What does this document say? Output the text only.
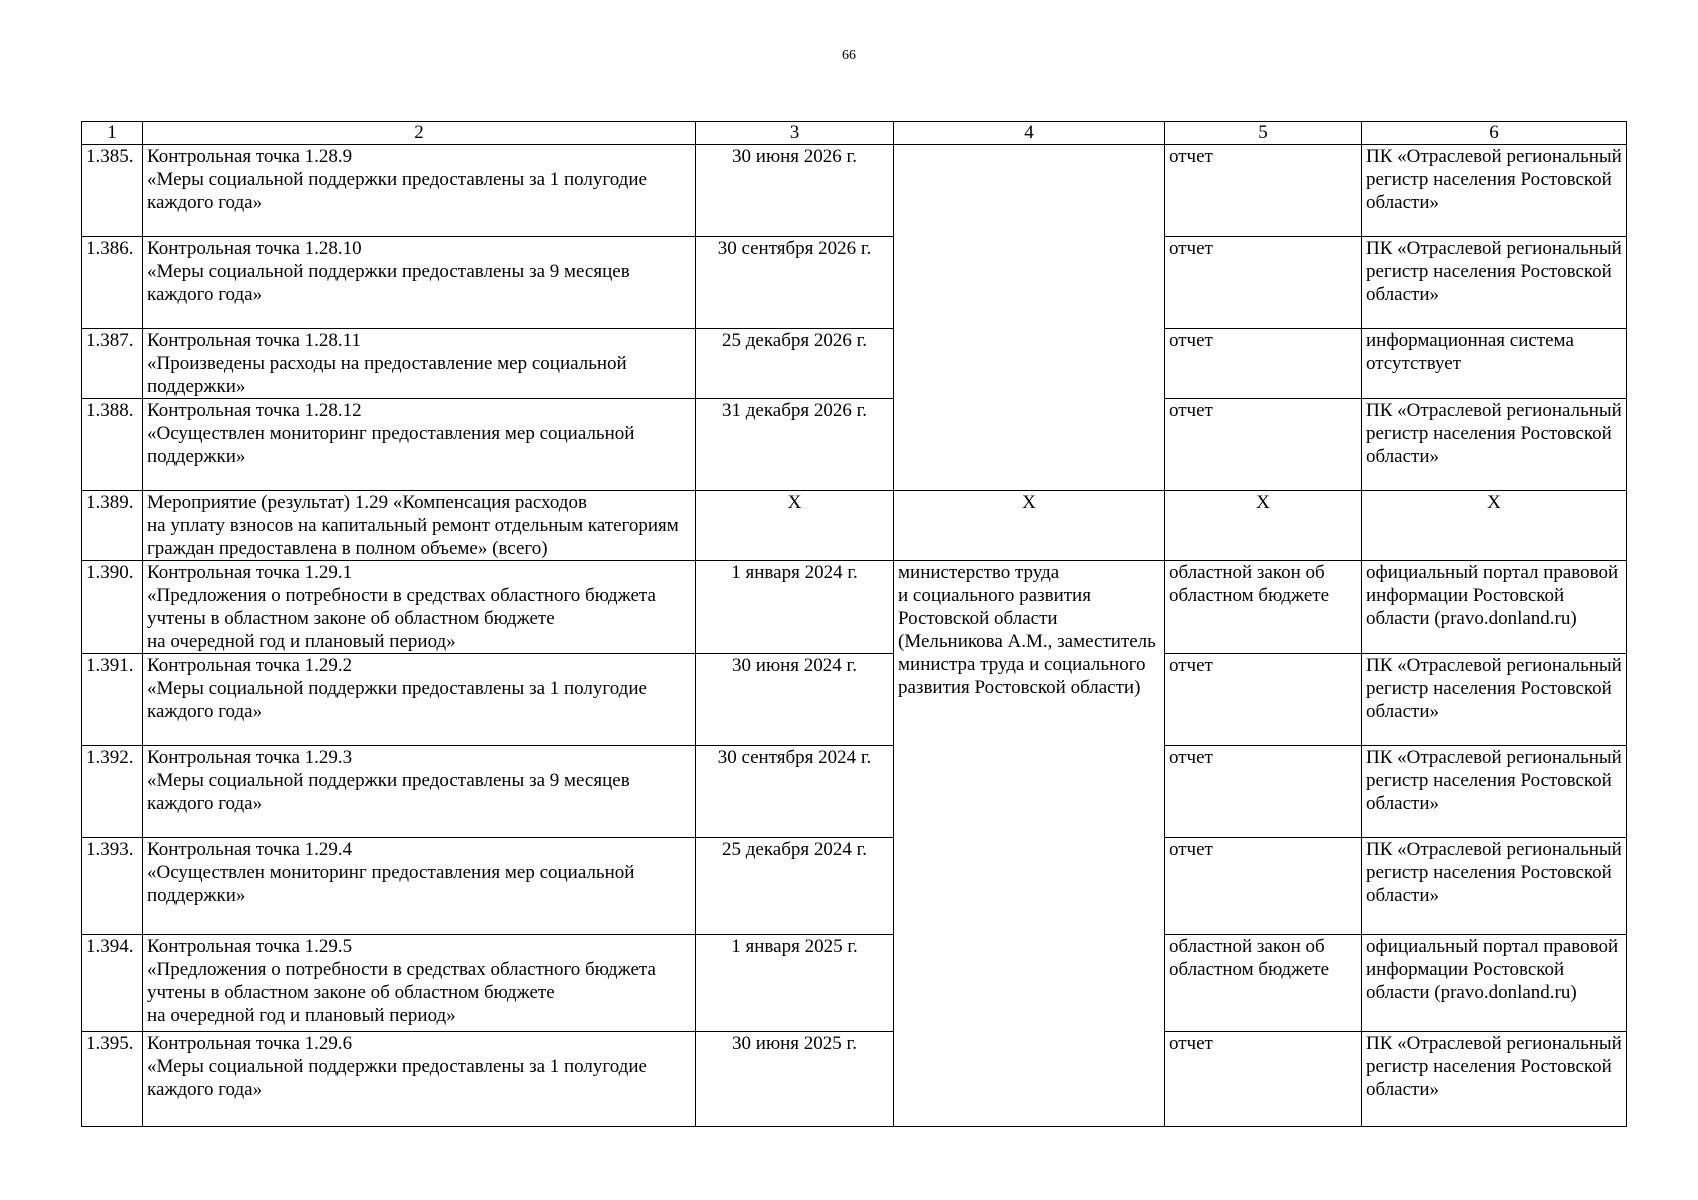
66
1	2	3	4	5	6
1.385.	Контрольная точка 1.28.9
«Меры социальной поддержки предоставлены за 1 полугодие каждого года»	30 июня 2026 г.		отчет	ПК «Отраслевой региональный регистр населения Ростовской области»
1.386.	Контрольная точка 1.28.10
«Меры социальной поддержки предоставлены за 9 месяцев каждого года»	30 сентября 2026 г.		отчет	ПК «Отраслевой региональный регистр населения Ростовской области»
1.387.	Контрольная точка 1.28.11
«Произведены расходы на предоставление мер социальной поддержки»	25 декабря 2026 г.		отчет	информационная система отсутствует
1.388.	Контрольная точка 1.28.12
«Осуществлен мониторинг предоставления мер социальной поддержки»	31 декабря 2026 г.		отчет	ПК «Отраслевой региональный регистр населения Ростовской области»
1.389.	Мероприятие (результат) 1.29 «Компенсация расходов
на уплату взносов на капитальный ремонт отдельным категориям граждан предоставлена в полном объеме» (всего)	X	X	X	X
1.390.	Контрольная точка 1.29.1
«Предложения о потребности в средствах областного бюджета учтены в областном законе об областном бюджете
на очередной год и плановый период»	1 января 2024 г.	министерство труда
и социального развития Ростовской области (Мельникова А.М., заместитель министра труда и социального развития Ростовской области)	областной закон об областном бюджете	официальный портал правовой информации Ростовской области (pravo.donland.ru)
1.391.	Контрольная точка 1.29.2
«Меры социальной поддержки предоставлены за 1 полугодие каждого года»	30 июня 2024 г.		отчет	ПК «Отраслевой региональный регистр населения Ростовской области»
1.392.	Контрольная точка 1.29.3
«Меры социальной поддержки предоставлены за 9 месяцев каждого года»	30 сентября 2024 г.		отчет	ПК «Отраслевой региональный регистр населения Ростовской области»
1.393.	Контрольная точка 1.29.4
«Осуществлен мониторинг предоставления мер социальной поддержки»	25 декабря 2024 г.		отчет	ПК «Отраслевой региональный регистр населения Ростовской области»
1.394.	Контрольная точка 1.29.5
«Предложения о потребности в средствах областного бюджета учтены в областном законе об областном бюджете
на очередной год и плановый период»	1 января 2025 г.		областной закон об областном бюджете	официальный портал правовой информации Ростовской области (pravo.donland.ru)
1.395.	Контрольная точка 1.29.6
«Меры социальной поддержки предоставлены за 1 полугодие каждого года»	30 июня 2025 г.		отчет	ПК «Отраслевой региональный регистр населения Ростовской области»
